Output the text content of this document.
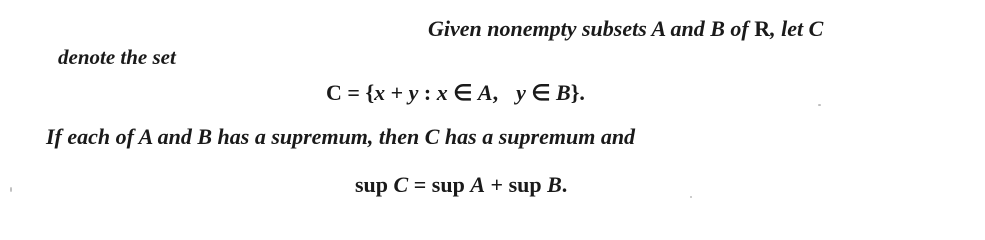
Given nonempty subsets A and B of R, let C
denote the set
C = {x + y : x ∈ A, y ∈ B}.
If each of A and B has a supremum, then C has a supremum and
sup C = sup A + sup B.
